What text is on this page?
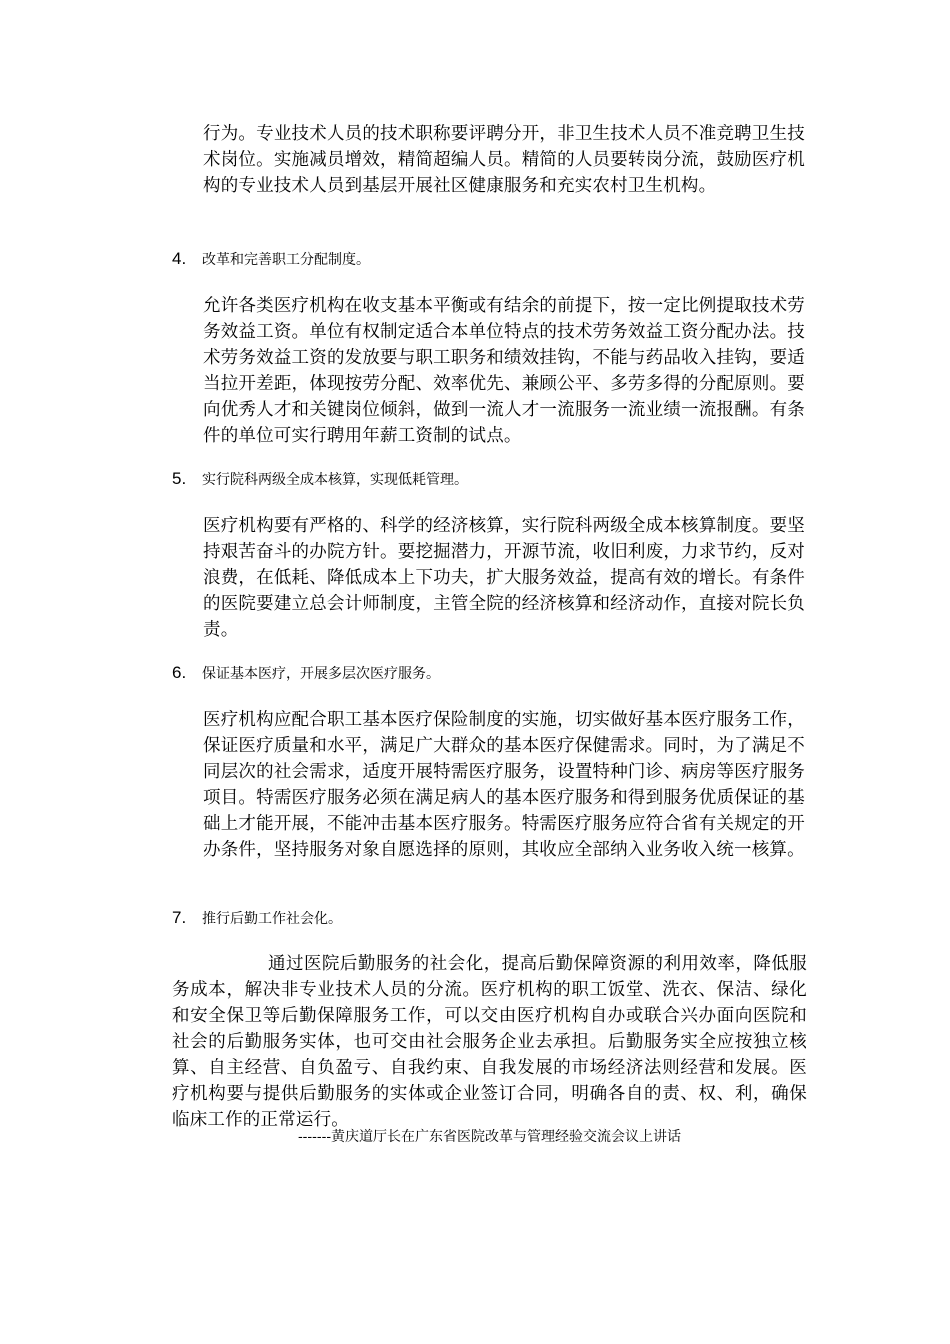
行为。专业技术人员的技术职称要评聘分开，非卫生技术人员不准竞聘卫生技术岗位。实施减员增效，精简超编人员。精简的人员要转岗分流，鼓励医疗机构的专业技术人员到基层开展社区健康服务和充实农村卫生机构。
4. 改革和完善职工分配制度。
允许各类医疗机构在收支基本平衡或有结余的前提下，按一定比例提取技术劳务效益工资。单位有权制定适合本单位特点的技术劳务效益工资分配办法。技术劳务效益工资的发放要与职工职务和绩效挂钩，不能与药品收入挂钩，要适当拉开差距，体现按劳分配、效率优先、兼顾公平、多劳多得的分配原则。要向优秀人才和关键岗位倾斜，做到一流人才一流服务一流业绩一流报酬。有条件的单位可实行聘用年薪工资制的试点。
5. 实行院科两级全成本核算，实现低耗管理。
医疗机构要有严格的、科学的经济核算，实行院科两级全成本核算制度。要坚持艰苦奋斗的办院方针。要挖掘潜力，开源节流，收旧利废，力求节约，反对浪费，在低耗、降低成本上下功夫，扩大服务效益，提高有效的增长。有条件的医院要建立总会计师制度，主管全院的经济核算和经济动作，直接对院长负责。
6. 保证基本医疗，开展多层次医疗服务。
医疗机构应配合职工基本医疗保险制度的实施，切实做好基本医疗服务工作，保证医疗质量和水平，满足广大群众的基本医疗保健需求。同时，为了满足不同层次的社会需求，适度开展特需医疗服务，设置特种门诊、病房等医疗服务项目。特需医疗服务必须在满足病人的基本医疗服务和得到服务优质保证的基础上才能开展，不能冲击基本医疗服务。特需医疗服务应符合省有关规定的开办条件，坚持服务对象自愿选择的原则，其收应全部纳入业务收入统一核算。
7. 推行后勤工作社会化。
通过医院后勤服务的社会化，提高后勤保障资源的利用效率，降低服务成本，解决非专业技术人员的分流。医疗机构的职工饭堂、洗衣、保洁、绿化和安全保卫等后勤保障服务工作，可以交由医疗机构自办或联合兴办面向医院和社会的后勤服务实体，也可交由社会服务企业去承担。后勤服务实全应按独立核算、自主经营、自负盈亏、自我约束、自我发展的市场经济法则经营和发展。医疗机构要与提供后勤服务的实体或企业签订合同，明确各自的责、权、利，确保临床工作的正常运行。
-------黄庆道厅长在广东省医院改革与管理经验交流会议上讲话
